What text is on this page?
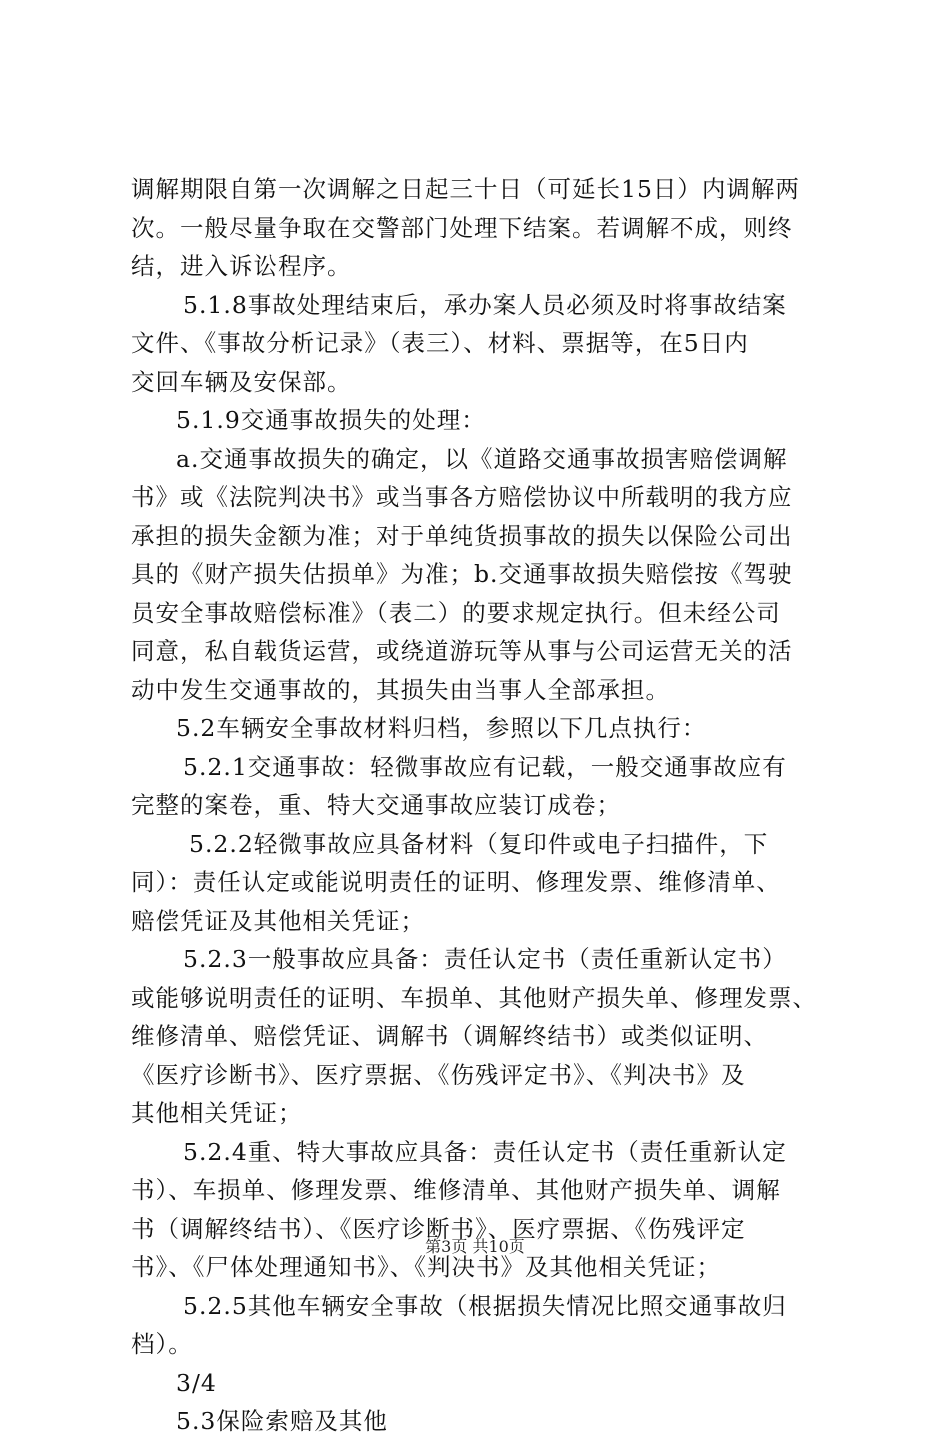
调解期限自第一次调解之日起三十日（可延长15日）内调解两
次。一般尽量争取在交警部门处理下结案。若调解不成，则终
结，进入诉讼程序。
5.1.8事故处理结束后，承办案人员必须及时将事故结案
文件、《事故分析记录》（表三）、材料、票据等，在5日内
交回车辆及安保部。
5.1.9交通事故损失的处理：
a.交通事故损失的确定，以《道路交通事故损害赔偿调解
书》或《法院判决书》或当事各方赔偿协议中所载明的我方应
承担的损失金额为准；对于单纯货损事故的损失以保险公司出
具的《财产损失估损单》为准；b.交通事故损失赔偿按《驾驶
员安全事故赔偿标准》（表二）的要求规定执行。但未经公司
同意，私自载货运营，或绕道游玩等从事与公司运营无关的活
动中发生交通事故的，其损失由当事人全部承担。
5.2车辆安全事故材料归档，参照以下几点执行：
5.2.1交通事故：轻微事故应有记载，一般交通事故应有
完整的案卷，重、特大交通事故应装订成卷；
5.2.2轻微事故应具备材料（复印件或电子扫描件，下
同）：责任认定或能说明责任的证明、修理发票、维修清单、
赔偿凭证及其他相关凭证；
5.2.3一般事故应具备：责任认定书（责任重新认定书）
或能够说明责任的证明、车损单、其他财产损失单、修理发票、
维修清单、赔偿凭证、调解书（调解终结书）或类似证明、
《医疗诊断书》、医疗票据、《伤残评定书》、《判决书》及
其他相关凭证；
5.2.4重、特大事故应具备：责任认定书（责任重新认定
书）、车损单、修理发票、维修清单、其他财产损失单、调解
书（调解终结书）、《医疗诊断书》、医疗票据、《伤残评定
书》、《尸体处理通知书》、《判决书》及其他相关凭证；
5.2.5其他车辆安全事故（根据损失情况比照交通事故归
档）。
3/4
5.3保险索赔及其他
第3页 共10页
